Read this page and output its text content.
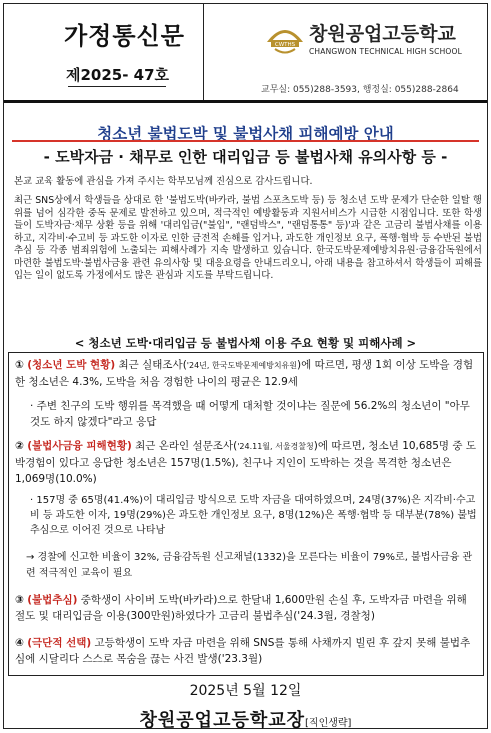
가정통신문
제2025- 47호
CWTHS 창원공업고등학교
CHANGWON TECHNICAL HIGH SCHOOL
교무실: 055)288-3593, 행정실: 055)288-2864
청소년 불법도박 및 불법사채 피해예방 안내
- 도박자금 · 채무로 인한 대리입금 등 불법사채 유의사항 등 -
본교 교육 활동에 관심을 가져 주시는 학부모님께 진심으로 감사드립니다.
최근 SNS상에서 학생들을 상대로 한 '불법도박(바카라, 불법 스포츠도박 등) 등 청소년 도박 문제가 단순한 일탈 행위를 넘어 심각한 중독 문제로 발전하고 있으며, 적극적인 예방활동과 지원서비스가 시급한 시점입니다. 또한 학생들이 도박자금·채무 상환 등을 위해 '대리입금("불입", "랜덤박스", "랜덤통통" 등)'과 같은 고금리 불법사채를 이용하고, 지각비·수고비 등 과도한 이자로 인한 금전적 손해를 입거나, 과도한 개인정보 요구, 폭행·협박 등 수반된 불법추심 등 각종 범죄위험에 노출되는 피해사례가 지속 발생하고 있습니다. 한국도박문제예방치유원·금융감독원에서 마련한 불법도박·불법사금융 관련 유의사항 및 대응요령을 안내드리오니, 아래 내용을 참고하셔서 학생들이 피해를 입는 일이 없도록 가정에서도 많은 관심과 지도를 부탁드립니다.
< 청소년 도박·대리입금 등 불법사채 이용 주요 현황 및 피해사례 >
① (청소년 도박 현황) 최근 실태조사('24년, 한국도박문제예방치유원)에 따르면, 평생 1회 이상 도박을 경험한 청소년은 4.3%, 도박을 처음 경험한 나이의 평균은 12.9세
· 주변 친구의 도박 행위를 목격했을 때 어떻게 대처할 것이냐는 질문에 56.2%의 청소년이 "아무것도 하지 않겠다"라고 응답
② (불법사금융 피해현황) 최근 온라인 설문조사('24.11월, 서울경찰청)에 따르면, 청소년 10,685명 중 도박경험이 있다고 응답한 청소년은 157명(1.5%), 친구나 지인이 도박하는 것을 목격한 청소년은 1,069명(10.0%)
· 157명 중 65명(41.4%)이 대리입금 방식으로 도박 자금을 대여하였으며, 24명(37%)은 지각비·수고비 등 과도한 이자, 19명(29%)은 과도한 개인정보 요구, 8명(12%)은 폭행·협박 등 대부분(78%) 불법추심으로 이어진 것으로 나타남
→ 경찰에 신고한 비율이 32%, 금융감독원 신고채널(1332)을 모른다는 비율이 79%로, 불법사금융 관련 적극적인 교육이 필요
③ (불법추심) 중학생이 사이버 도박(바카라)으로 한달내 1,600만원 손실 후, 도박자금 마련을 위해 절도 및 대리입금을 이용(300만원)하였다가 고금리 불법추심('24.3월, 경찰청)
④ (극단적 선택) 고등학생이 도박 자금 마련을 위해 SNS를 통해 사채까지 빌린 후 갚지 못해 불법추심에 시달리다 스스로 목숨을 끊는 사건 발생('23.3월)
2025년 5월 12일
창원공업고등학교장[직인생략]
